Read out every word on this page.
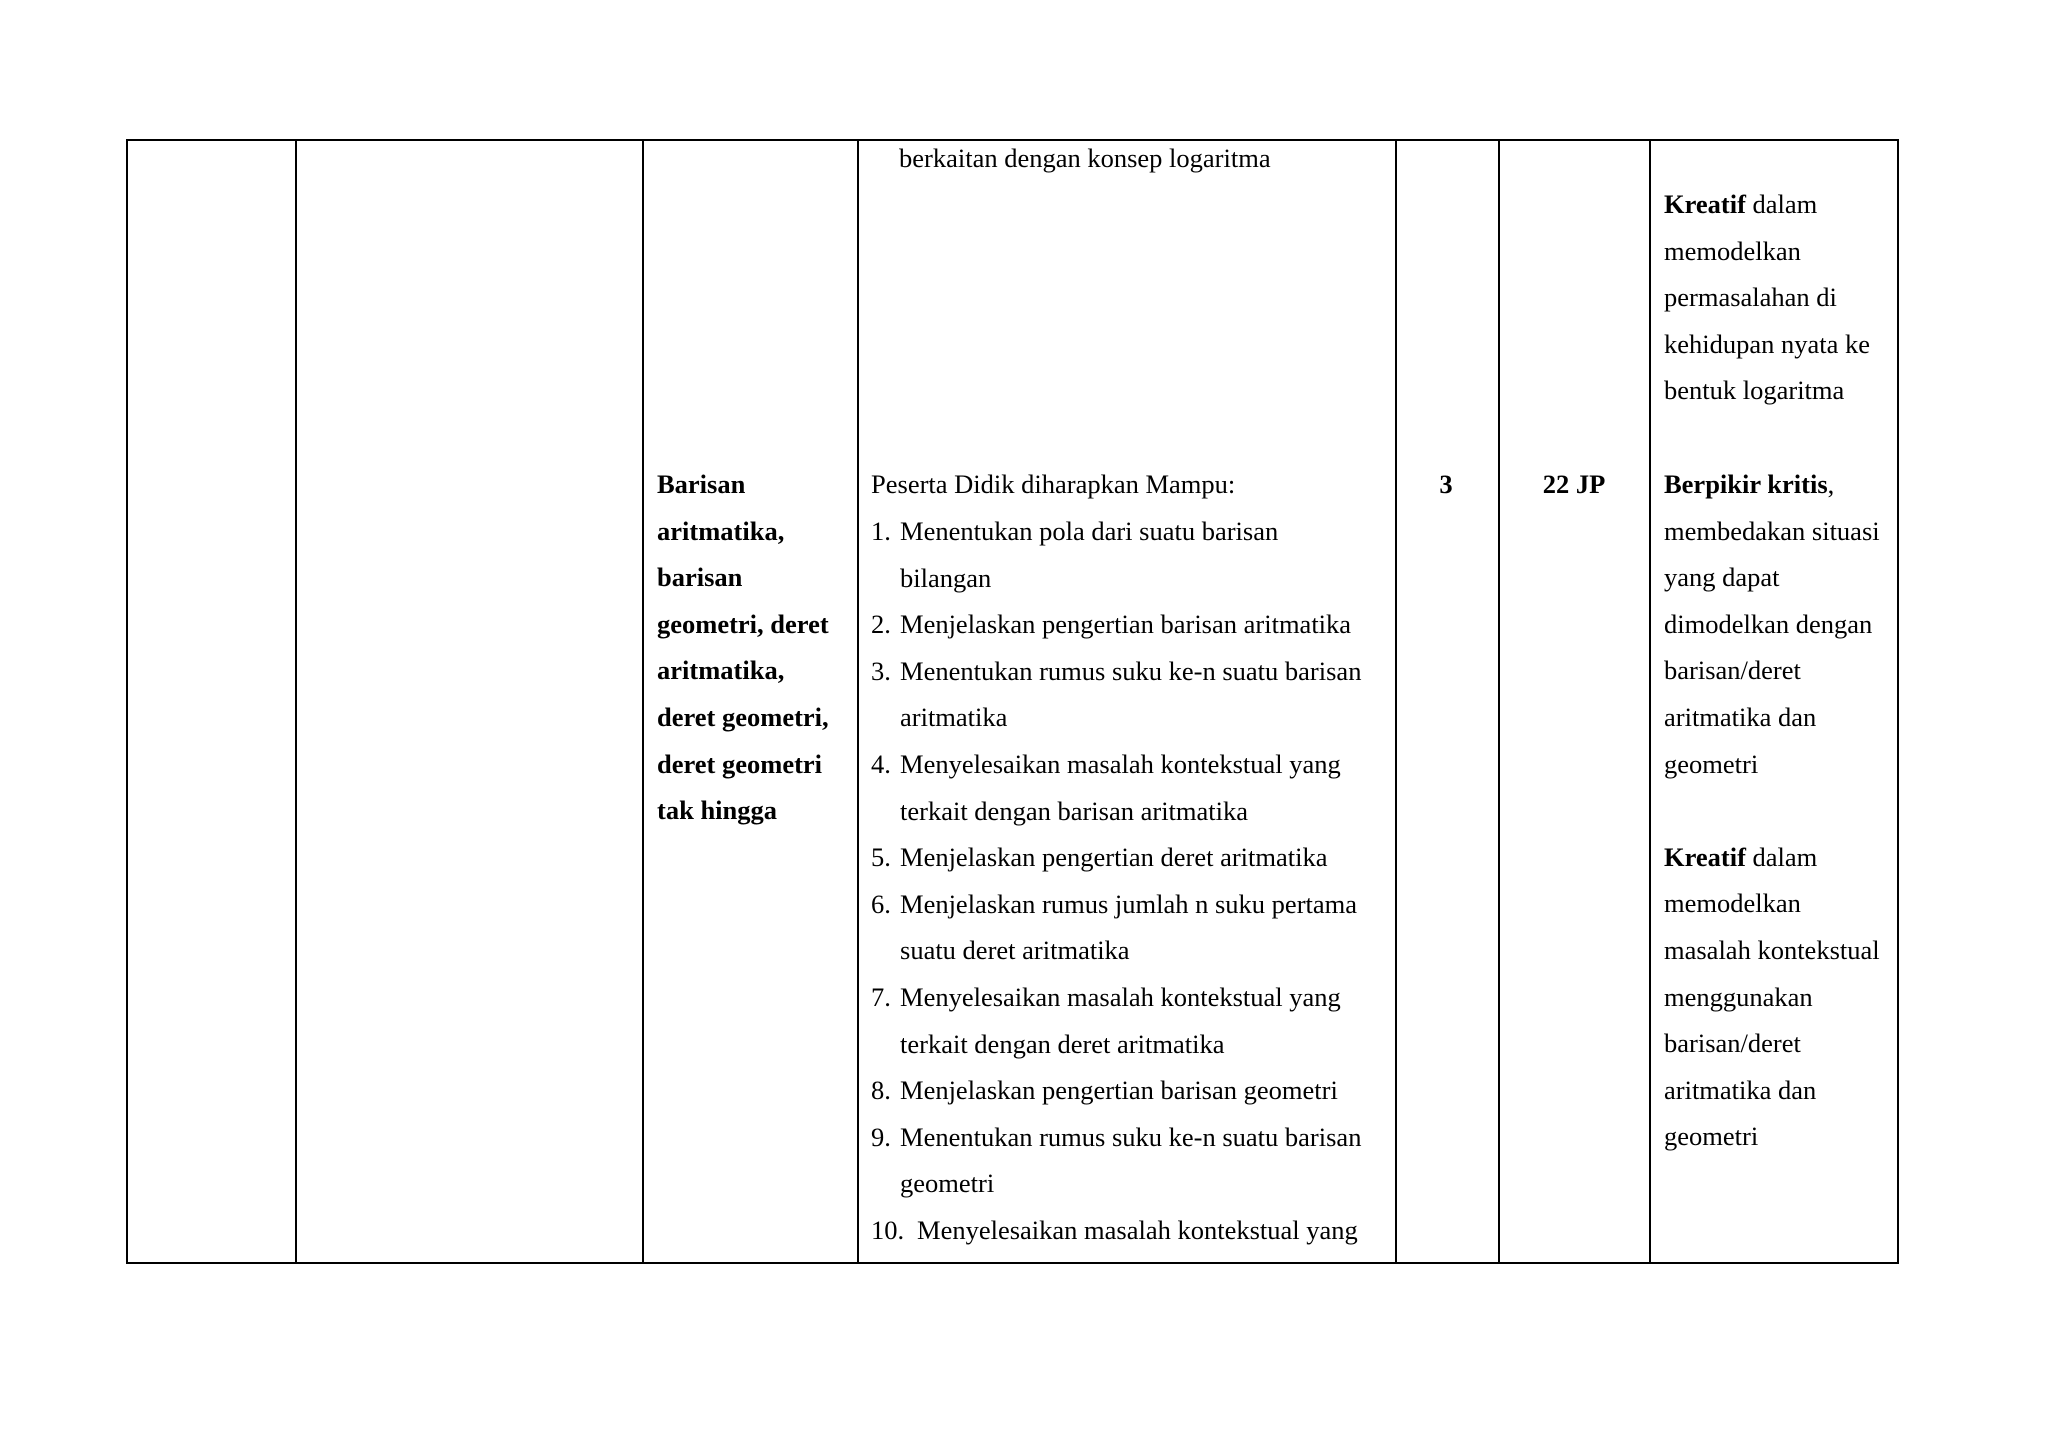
berkaitan dengan konsep logaritma
Barisan
aritmatika,
barisan
geometri, deret
aritmatika,
deret geometri,
deret geometri
tak hingga
Peserta Didik diharapkan Mampu:
1. Menentukan pola dari suatu barisan
bilangan
2. Menjelaskan pengertian barisan aritmatika
3. Menentukan rumus suku ke-n suatu barisan
aritmatika
4. Menyelesaikan masalah kontekstual yang
terkait dengan barisan aritmatika
5. Menjelaskan pengertian deret aritmatika
6. Menjelaskan rumus jumlah n suku pertama
suatu deret aritmatika
7. Menyelesaikan masalah kontekstual yang
terkait dengan deret aritmatika
8. Menjelaskan pengertian barisan geometri
9. Menentukan rumus suku ke-n suatu barisan
geometri
10. Menyelesaikan masalah kontekstual yang
3	22 JP

Kreatif dalam

memodelkan

permasalahan di

kehidupan nyata ke

bentuk logaritma

Berpikir kritis,

membedakan situasi

yang dapat

dimodelkan dengan

barisan/deret

aritmatika dan

geometri

Kreatif dalam

memodelkan

masalah kontekstual

menggunakan

barisan/deret

aritmatika dan

geometri
